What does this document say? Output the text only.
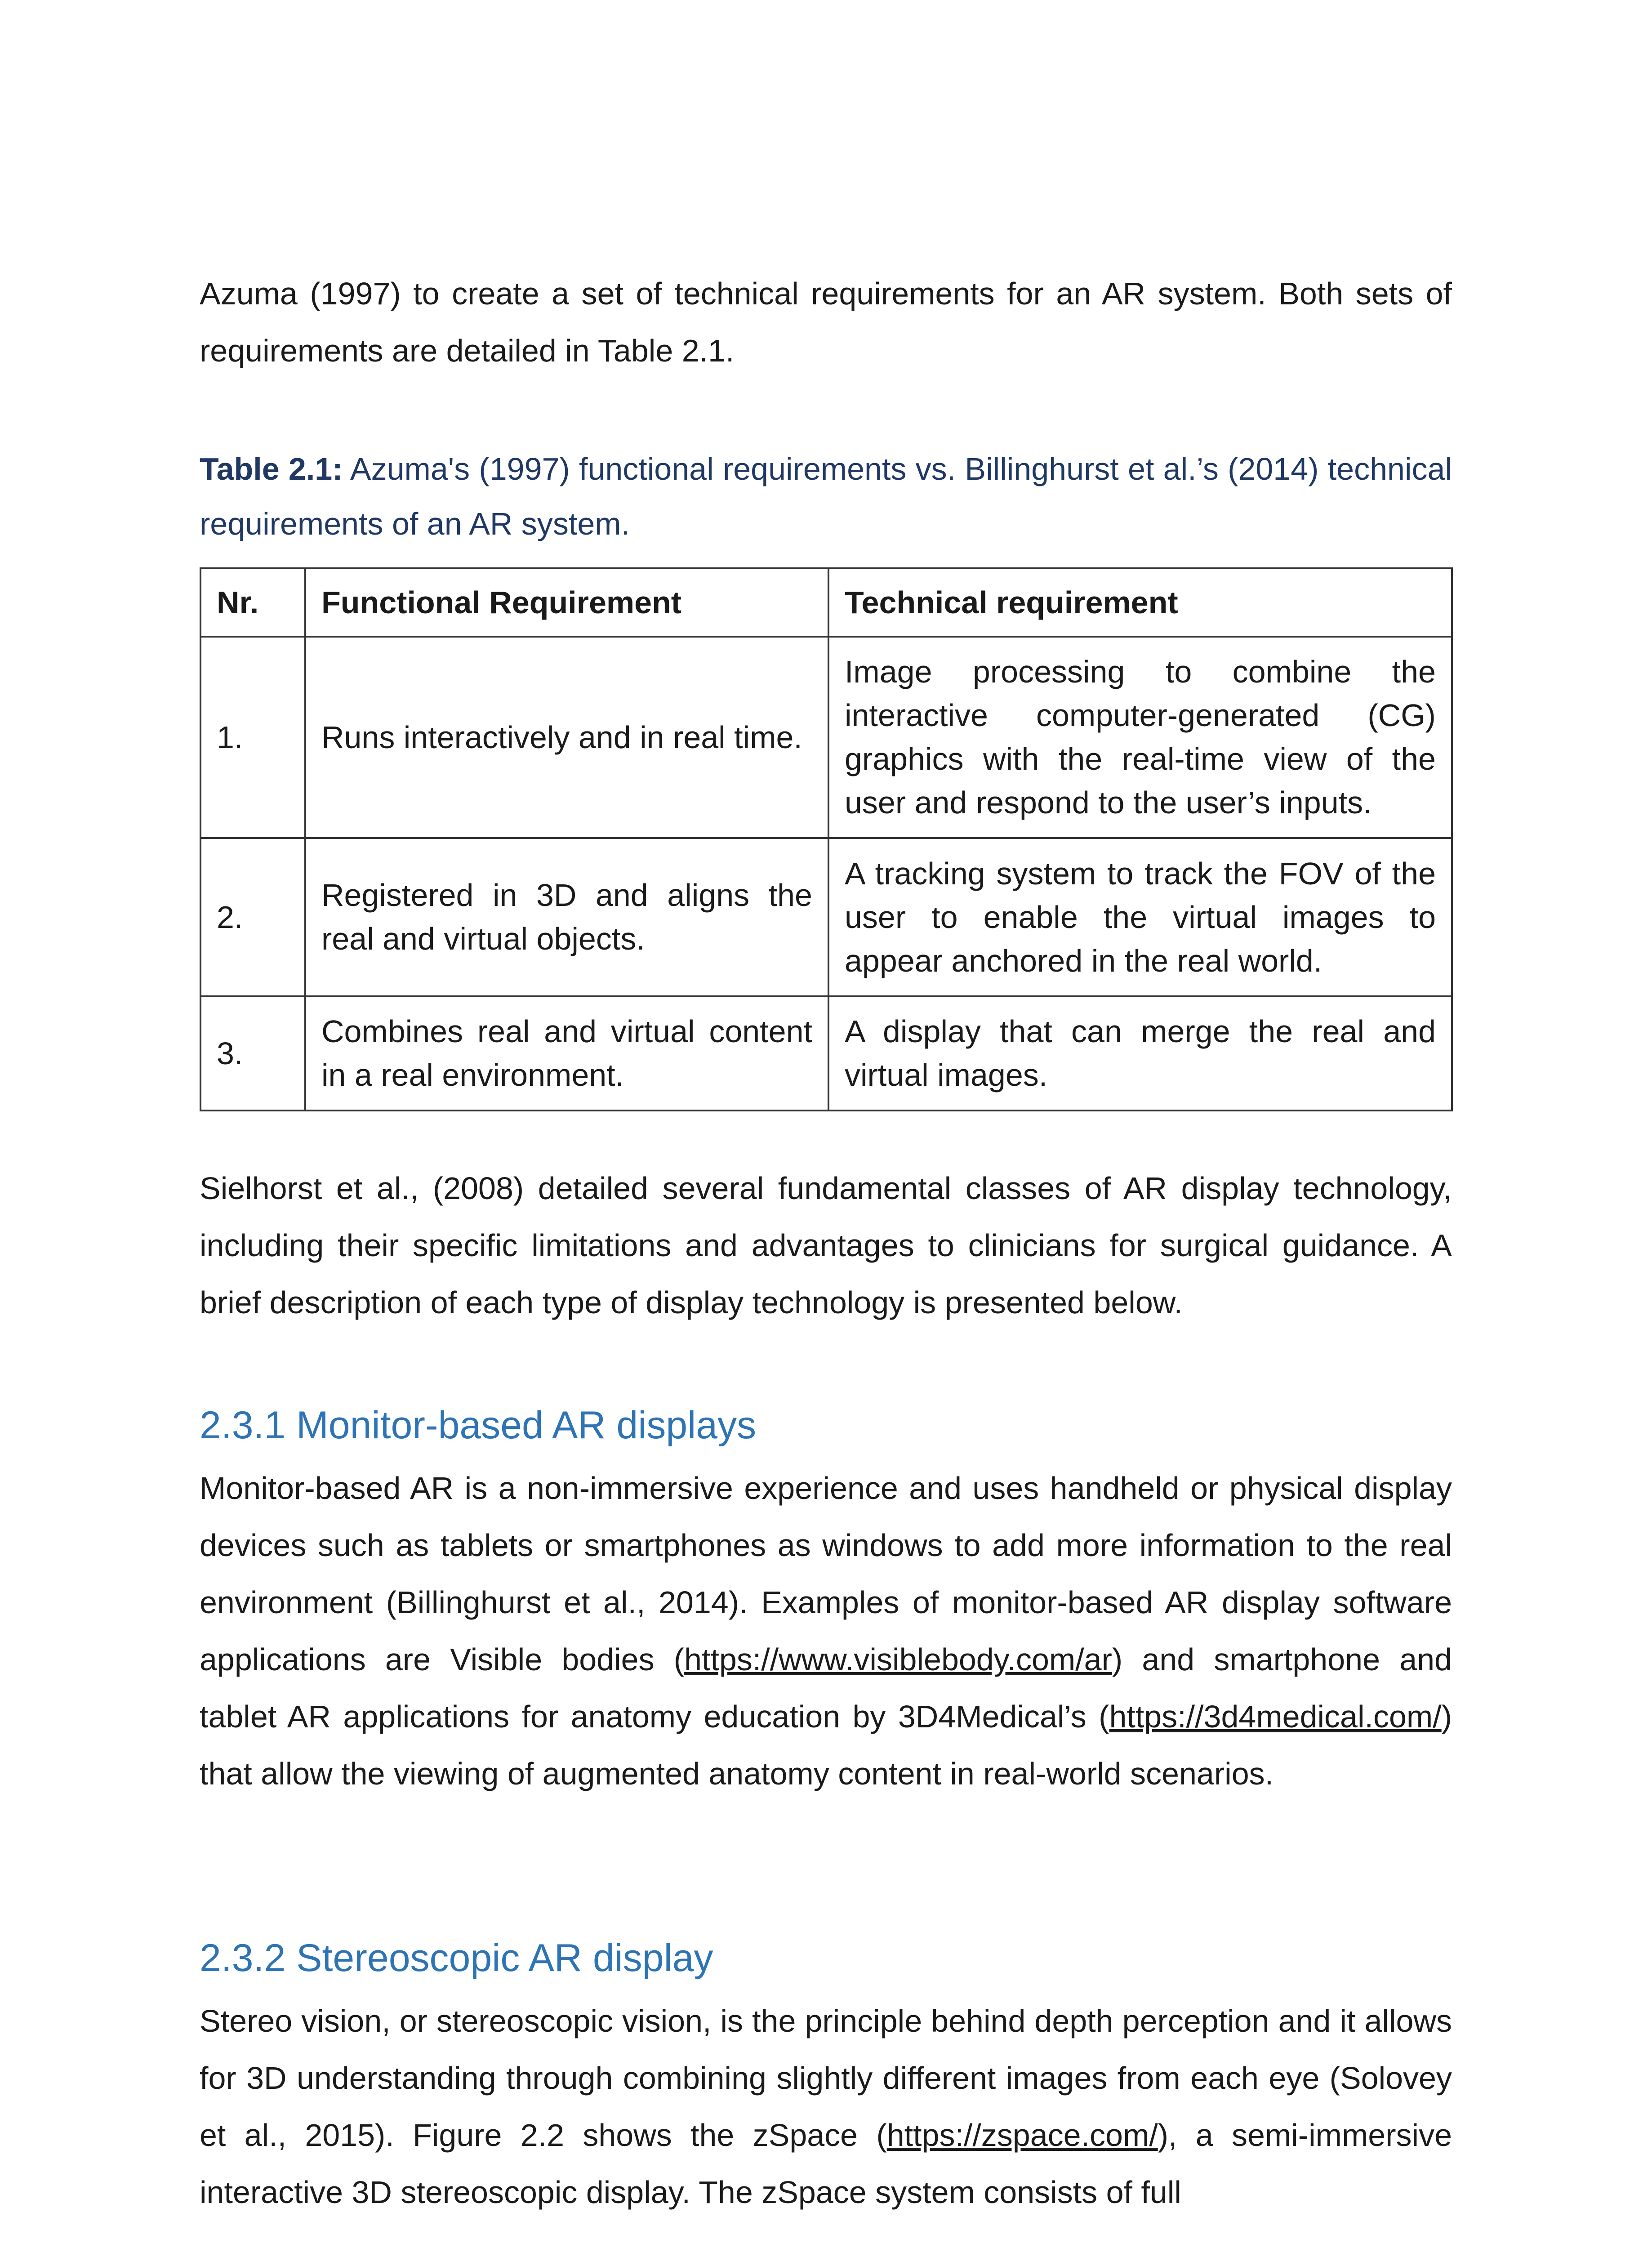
Azuma (1997) to create a set of technical requirements for an AR system. Both sets of requirements are detailed in Table 2.1.

Table 2.1: Azuma's (1997) functional requirements vs. Billinghurst et al.’s (2014) technical requirements of an AR system.

Nr.	Functional Requirement	Technical requirement
1.	Runs interactively and in real time.	Image processing to combine the interactive computer-generated (CG) graphics with the real-time view of the user and respond to the user’s inputs.
2.	Registered in 3D and aligns the real and virtual objects.	A tracking system to track the FOV of the user to enable the virtual images to appear anchored in the real world.
3.	Combines real and virtual content in a real environment.	A display that can merge the real and virtual images.

Sielhorst et al., (2008) detailed several fundamental classes of AR display technology, including their specific limitations and advantages to clinicians for surgical guidance. A brief description of each type of display technology is presented below.

2.3.1 Monitor-based AR displays

Monitor-based AR is a non-immersive experience and uses handheld or physical display devices such as tablets or smartphones as windows to add more information to the real environment (Billinghurst et al., 2014). Examples of monitor-based AR display software applications are Visible bodies (https://www.visiblebody.com/ar) and smartphone and tablet AR applications for anatomy education by 3D4Medical’s (https://3d4medical.com/) that allow the viewing of augmented anatomy content in real-world scenarios.

2.3.2 Stereoscopic AR display

Stereo vision, or stereoscopic vision, is the principle behind depth perception and it allows for 3D understanding through combining slightly different images from each eye (Solovey et al., 2015). Figure 2.2 shows the zSpace (https://zspace.com/), a semi-immersive interactive 3D stereoscopic display. The zSpace system consists of full
